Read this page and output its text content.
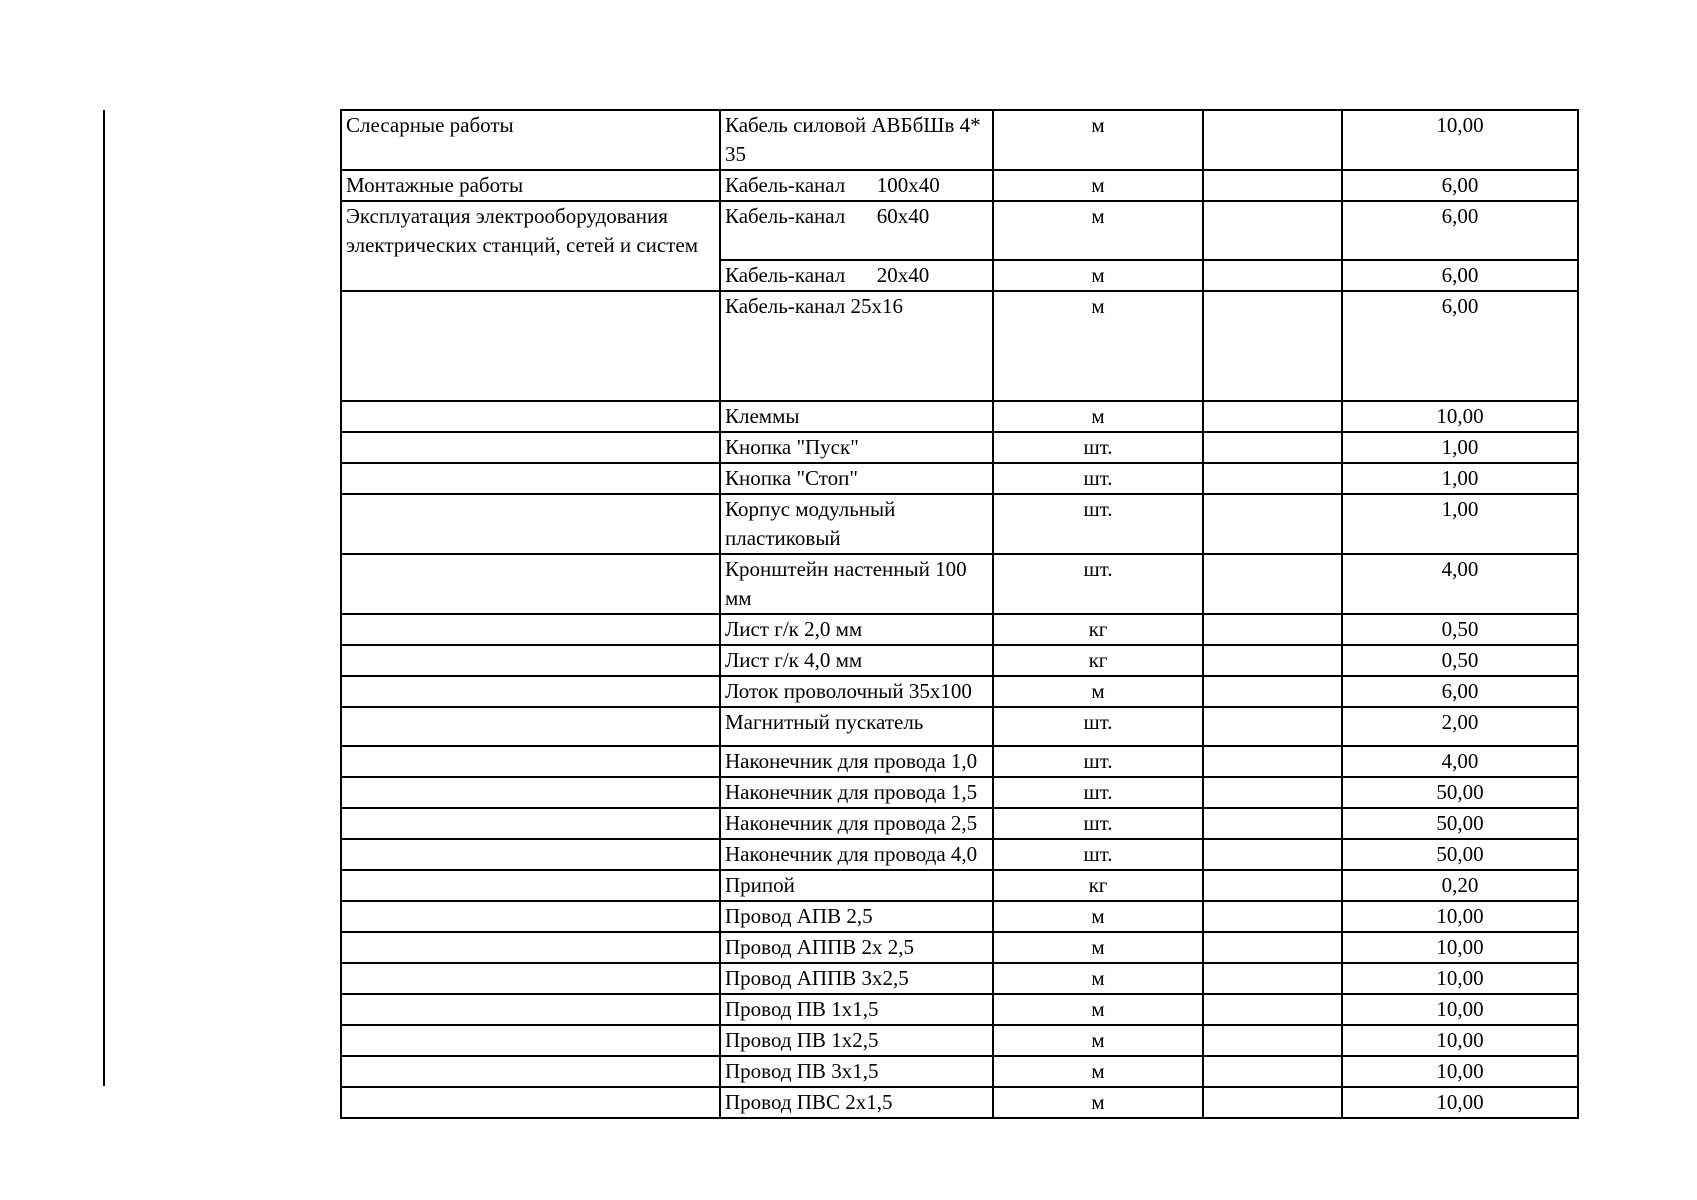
Слесарные работы	Кабель силовой АВБбШв 4* 35	м		10,00
Монтажные работы	Кабель-канал      100х40	м		6,00
Эксплуатация электрооборудования электрических станций, сетей и систем	Кабель-канал      60х40	м		6,00
	Кабель-канал      20х40	м		6,00
	Кабель-канал 25х16	м		6,00
	Клеммы	м		10,00
	Кнопка "Пуск"	шт.		1,00
	Кнопка "Стоп"	шт.		1,00
	Корпус модульный пластиковый	шт.		1,00
	Кронштейн настенный 100 мм	шт.		4,00
	Лист г/к 2,0 мм	кг		0,50
	Лист г/к 4,0 мм	кг		0,50
	Лоток проволочный 35х100	м		6,00
	Магнитный пускатель	шт.		2,00
	Наконечник для провода 1,0	шт.		4,00
	Наконечник для провода 1,5	шт.		50,00
	Наконечник для провода 2,5	шт.		50,00
	Наконечник для провода 4,0	шт.		50,00
	Припой	кг		0,20
	Провод АПВ 2,5	м		10,00
	Провод АППВ 2х 2,5	м		10,00
	Провод АППВ 3х2,5	м		10,00
	Провод ПВ 1х1,5	м		10,00
	Провод ПВ 1х2,5	м		10,00
	Провод ПВ 3х1,5	м		10,00
	Провод ПВС 2х1,5	м		10,00
